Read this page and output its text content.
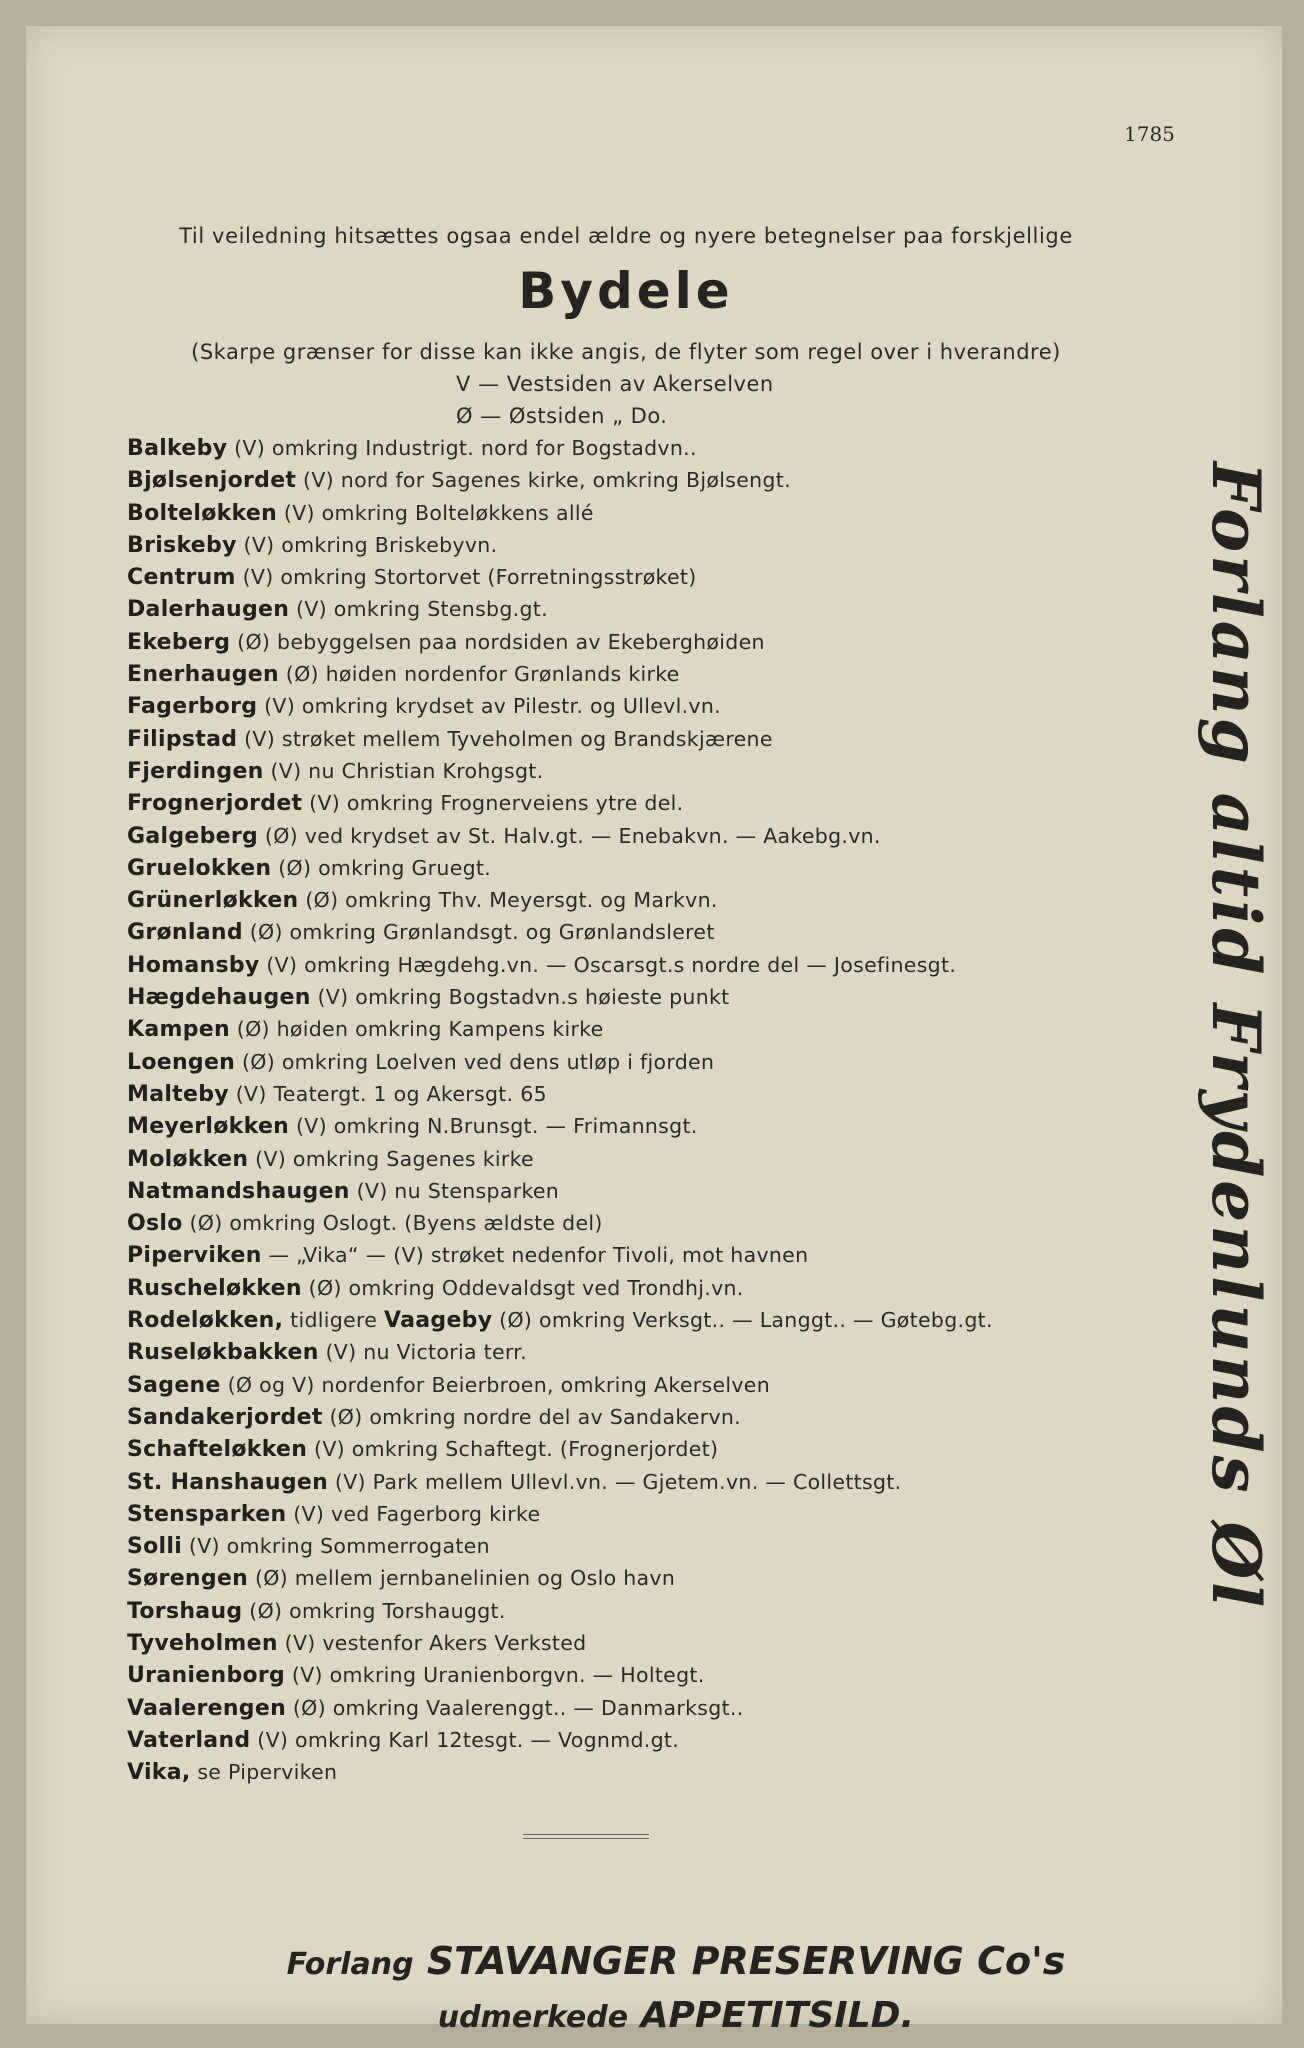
1785
Til veiledning hitsættes ogsaa endel ældre og nyere betegnelser paa forskjellige
Bydele
(Skarpe grænser for disse kan ikke angis, de flyter som regel over i hverandre)
V — Vestsiden av Akerselven
Ø — Østsiden „ Do.
Balkeby (V) omkring Industrigt. nord for Bogstadvn..
Bjølsenjordet (V) nord for Sagenes kirke, omkring Bjølsengt.
Bolteløkken (V) omkring Bolteløkkens allé
Briskeby (V) omkring Briskebyvn.
Centrum (V) omkring Stortorvet (Forretningsstrøket)
Dalerhaugen (V) omkring Stensbg.gt.
Ekeberg (Ø) bebyggelsen paa nordsiden av Ekeberghøiden
Enerhaugen (Ø) høiden nordenfor Grønlands kirke
Fagerborg (V) omkring krydset av Pilestr. og Ullevl.vn.
Filipstad (V) strøket mellem Tyveholmen og Brandskjærene
Fjerdingen (V) nu Christian Krohgsgt.
Frognerjordet (V) omkring Frognerveiens ytre del.
Galgeberg (Ø) ved krydset av St. Halv.gt. — Enebakvn. — Aakebg.vn.
Gruelokken (Ø) omkring Gruegt.
Grünerløkken (Ø) omkring Thv. Meyersgt. og Markvn.
Grønland (Ø) omkring Grønlandsgt. og Grønlandsleret
Homansby (V) omkring Hægdehg.vn. — Oscarsgt.s nordre del — Josefinesgt.
Hægdehaugen (V) omkring Bogstadvn.s høieste punkt
Kampen (Ø) høiden omkring Kampens kirke
Loengen (Ø) omkring Loelven ved dens utløp i fjorden
Malteby (V) Teatergt. 1 og Akersgt. 65
Meyerløkken (V) omkring N.Brunsgt. — Frimannsgt.
Moløkken (V) omkring Sagenes kirke
Natmandshaugen (V) nu Stensparken
Oslo (Ø) omkring Oslogt. (Byens ældste del)
Piperviken — „Vika“ — (V) strøket nedenfor Tivoli, mot havnen
Ruscheløkken (Ø) omkring Oddevaldsgt ved Trondhj.vn.
Rodeløkken, tidligere Vaageby (Ø) omkring Verksgt.. — Langgt.. — Gøtebg.gt.
Ruseløkbakken (V) nu Victoria terr.
Sagene (Ø og V) nordenfor Beierbroen, omkring Akerselven
Sandakerjordet (Ø) omkring nordre del av Sandakervn.
Schafteløkken (V) omkring Schaftegt. (Frognerjordet)
St. Hanshaugen (V) Park mellem Ullevl.vn. — Gjetem.vn. — Collettsgt.
Stensparken (V) ved Fagerborg kirke
Solli (V) omkring Sommerrogaten
Sørengen (Ø) mellem jernbanelinien og Oslo havn
Torshaug (Ø) omkring Torshauggt.
Tyveholmen (V) vestenfor Akers Verksted
Uranienborg (V) omkring Uranienborgvn. — Holtegt.
Vaalerengen (Ø) omkring Vaalerenggt.. — Danmarksgt..
Vaterland (V) omkring Karl 12tesgt. — Vognmd.gt.
Vika, se Piperviken
Forlang altid Frydenlunds Øl
Forlang STAVANGER PRESERVING Co's
udmerkede APPETITSILD.
